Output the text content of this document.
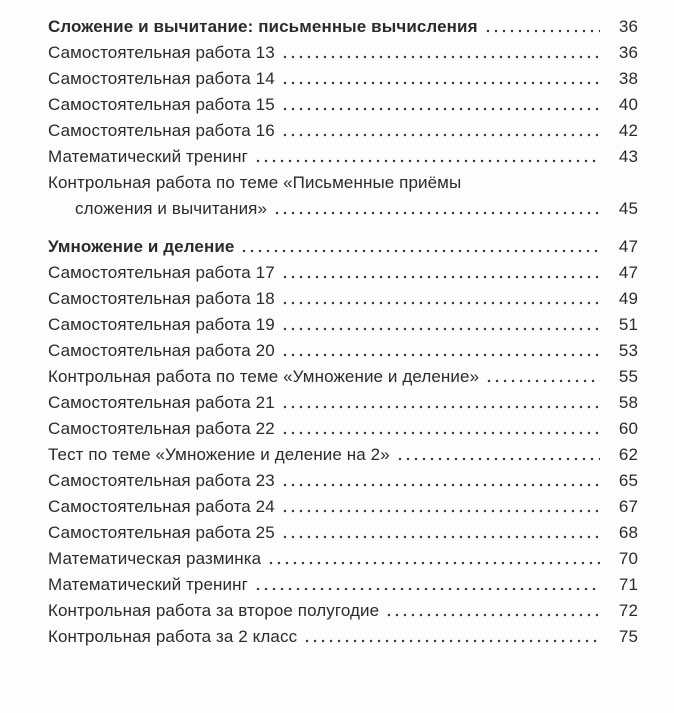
Сложение и вычитание: письменные вычисления	36
Самостоятельная работа 13	36
Самостоятельная работа 14	38
Самостоятельная работа 15	40
Самостоятельная работа 16	42
Математический тренинг	43
Контрольная работа по теме «Письменные приёмы
сложения и вычитания»	45
Умножение и деление	47
Самостоятельная работа 17	47
Самостоятельная работа 18	49
Самостоятельная работа 19	51
Самостоятельная работа 20	53
Контрольная работа по теме «Умножение и деление»	55
Самостоятельная работа 21	58
Самостоятельная работа 22	60
Тест по теме «Умножение и деление на 2»	62
Самостоятельная работа 23	65
Самостоятельная работа 24	67
Самостоятельная работа 25	68
Математическая разминка	70
Математический тренинг	71
Контрольная работа за второе полугодие	72
Контрольная работа за 2 класс	75
